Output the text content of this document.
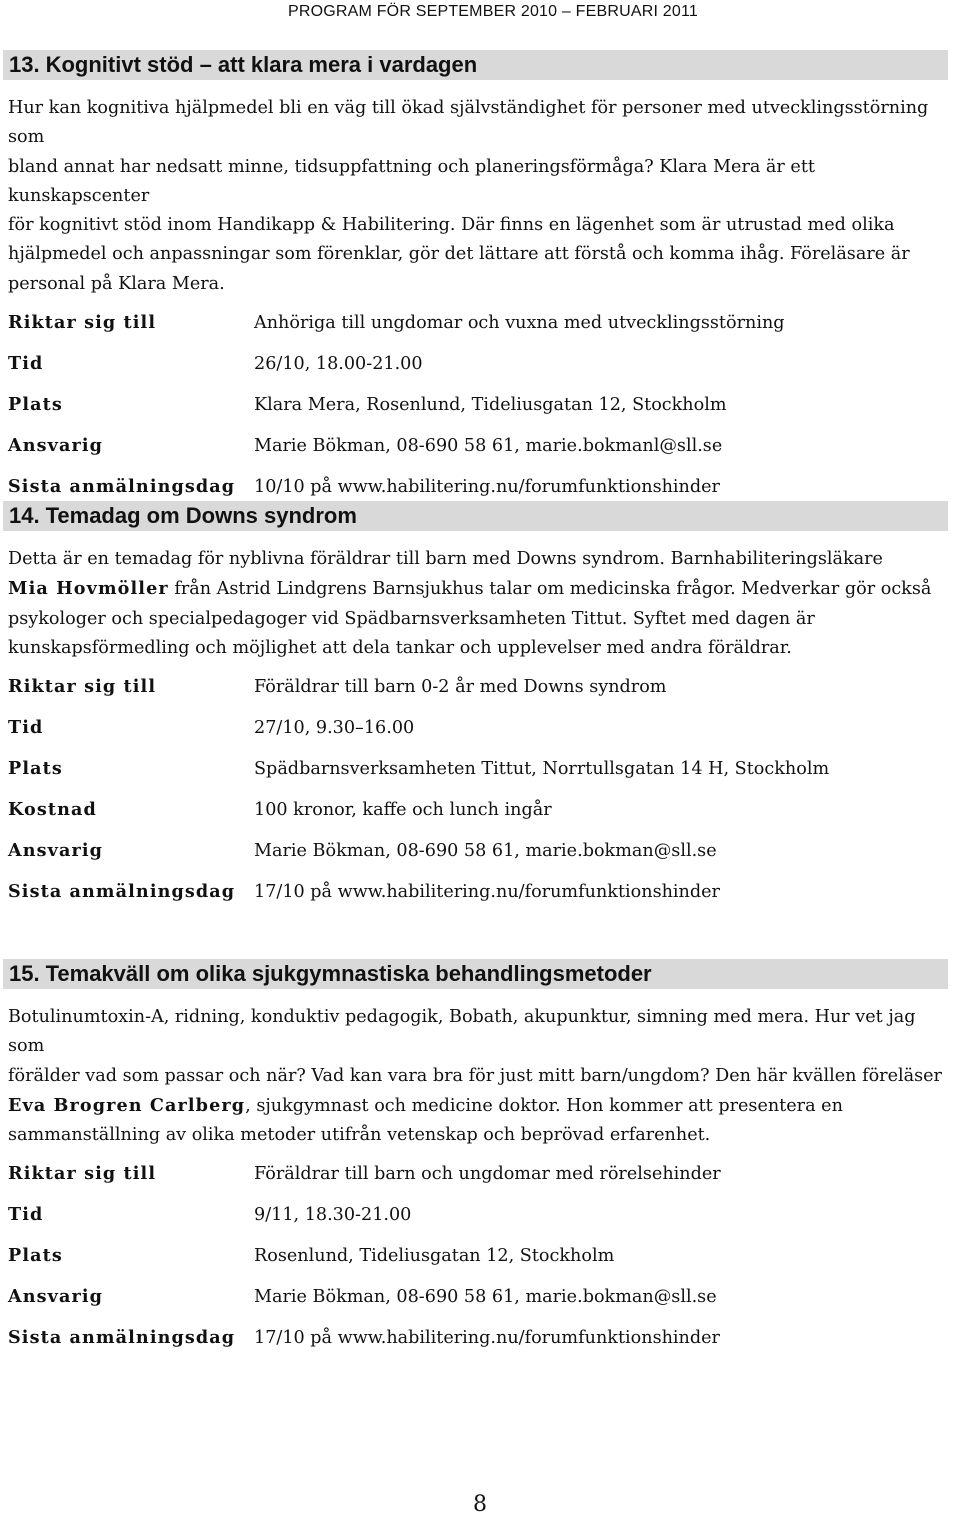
PROGRAM FÖR SEPTEMBER 2010 – FEBRUARI 2011
13. Kognitivt stöd – att klara mera i vardagen
Hur kan kognitiva hjälpmedel bli en väg till ökad självständighet för personer med utvecklingsstörning som
bland annat har nedsatt minne, tidsuppfattning och planeringsförmåga? Klara Mera är ett kunskapscenter
för kognitivt stöd inom Handikapp & Habilitering. Där finns en lägenhet som är utrustad med olika
hjälpmedel och anpassningar som förenklar, gör det lättare att förstå och komma ihåg. Föreläsare är
personal på Klara Mera.
Riktar sig till	Anhöriga till ungdomar och vuxna med utvecklingsstörning
Tid	26/10, 18.00-21.00
Plats	Klara Mera, Rosenlund, Tideliusgatan 12, Stockholm
Ansvarig	Marie Bökman, 08-690 58 61, marie.bokmanl@sll.se
Sista anmälningsdag 10/10 på www.habilitering.nu/forumfunktionshinder
14. Temadag om Downs syndrom
Detta är en temadag för nyblivna föräldrar till barn med Downs syndrom. Barnhabiliteringsläkare
Mia Hovmöller från Astrid Lindgrens Barnsjukhus talar om medicinska frågor. Medverkar gör också
psykologer och specialpedagoger vid Spädbarnsverksamheten Tittut. Syftet med dagen är
kunskapsförmedling och möjlighet att dela tankar och upplevelser med andra föräldrar.
Riktar sig till	Föräldrar till barn 0-2 år med Downs syndrom
Tid	27/10, 9.30–16.00
Plats	Spädbarnsverksamheten Tittut, Norrtullsgatan 14 H, Stockholm
Kostnad	100 kronor, kaffe och lunch ingår
Ansvarig	Marie Bökman, 08-690 58 61, marie.bokman@sll.se
Sista anmälningsdag 17/10 på www.habilitering.nu/forumfunktionshinder
15. Temakväll om olika sjukgymnastiska behandlingsmetoder
Botulinumtoxin-A, ridning, konduktiv pedagogik, Bobath, akupunktur, simning med mera. Hur vet jag som
förälder vad som passar och när? Vad kan vara bra för just mitt barn/ungdom? Den här kvällen föreläser
Eva Brogren Carlberg, sjukgymnast och medicine doktor. Hon kommer att presentera en
sammanställning av olika metoder utifrån vetenskap och beprövad erfarenhet.
Riktar sig till	Föräldrar till barn och ungdomar med rörelsehinder
Tid	9/11, 18.30-21.00
Plats	Rosenlund, Tideliusgatan 12, Stockholm
Ansvarig	Marie Bökman, 08-690 58 61, marie.bokman@sll.se
Sista anmälningsdag 17/10 på www.habilitering.nu/forumfunktionshinder
8
